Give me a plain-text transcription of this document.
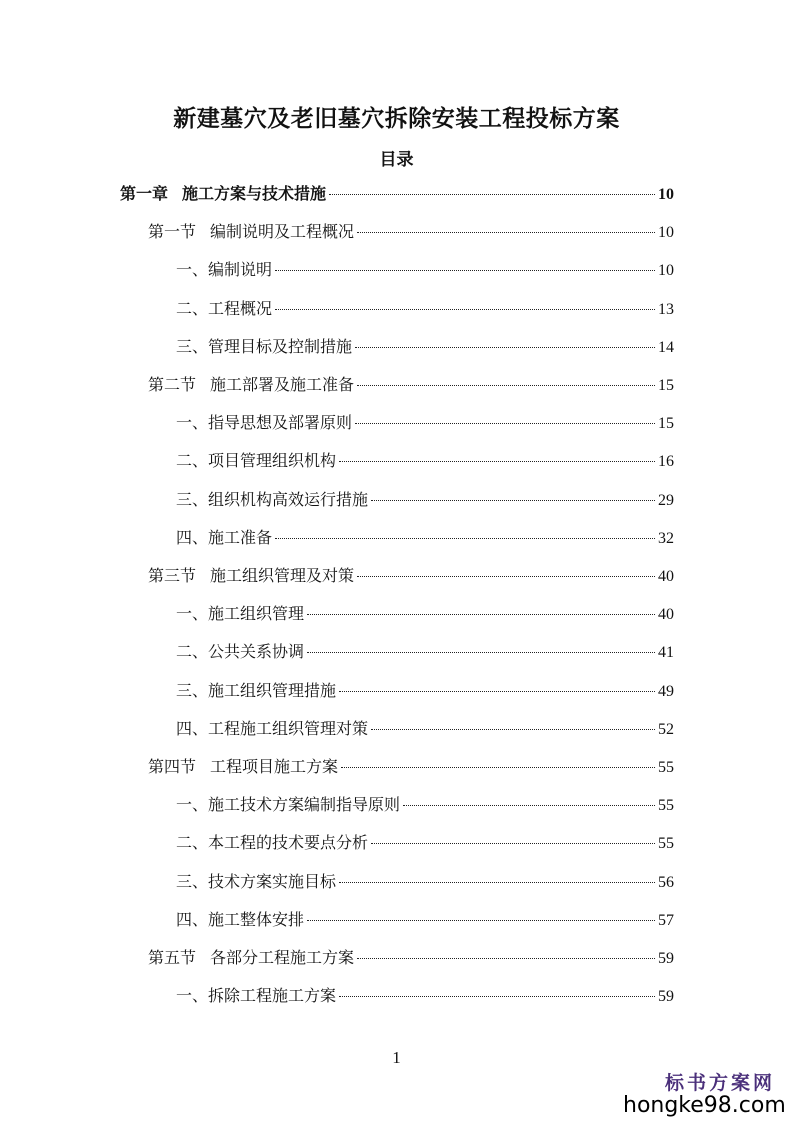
新建墓穴及老旧墓穴拆除安装工程投标方案
目录
第一章 施工方案与技术措施	10
第一节 编制说明及工程概况	10
一、 编制说明	10
二、 工程概况	13
三、 管理目标及控制措施	14
第二节 施工部署及施工准备	15
一、 指导思想及部署原则	15
二、 项目管理组织机构	16
三、 组织机构高效运行措施	29
四、 施工准备	32
第三节 施工组织管理及对策	40
一、 施工组织管理	40
二、 公共关系协调	41
三、 施工组织管理措施	49
四、 工程施工组织管理对策	52
第四节 工程项目施工方案	55
一、 施工技术方案编制指导原则	55
二、 本工程的技术要点分析	55
三、 技术方案实施目标	56
四、 施工整体安排	57
第五节 各部分工程施工方案	59
一、 拆除工程施工方案	59
1
标书方案网
hongke98.com
